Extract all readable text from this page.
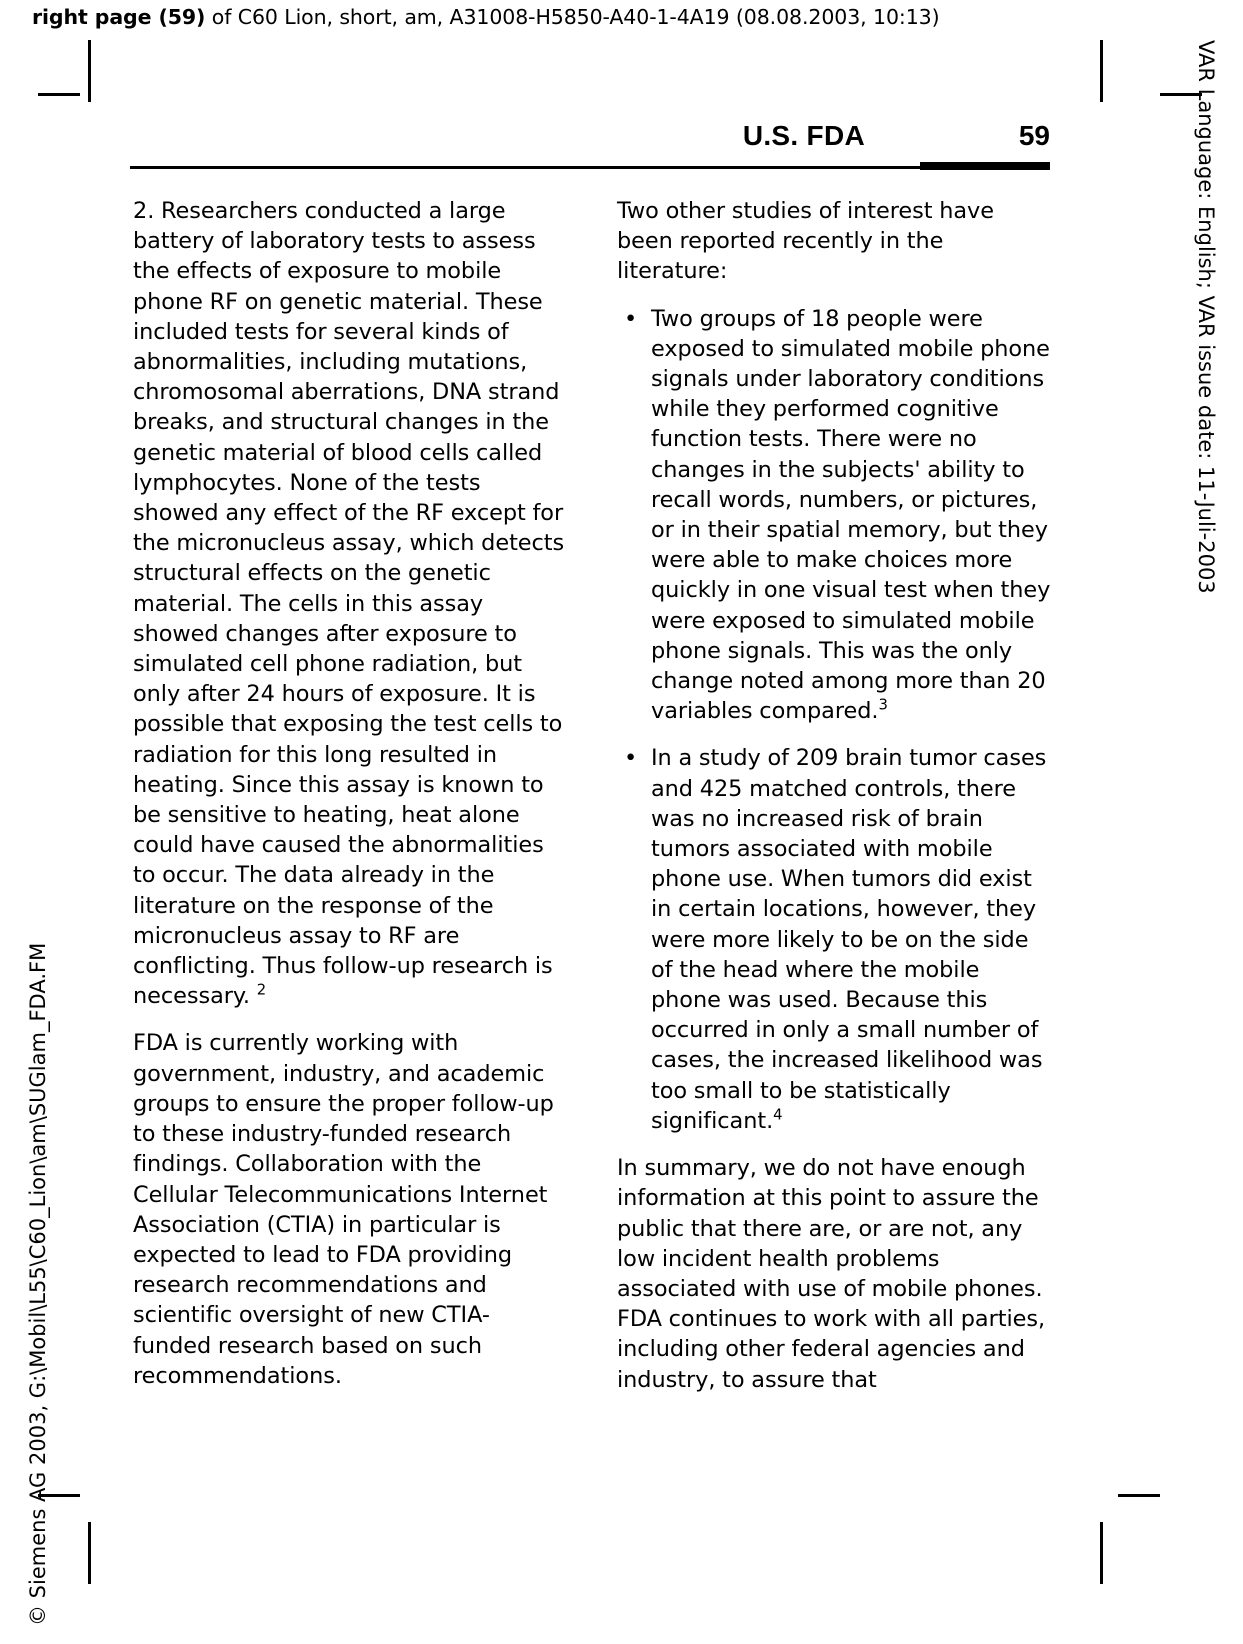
right page (59) of C60 Lion, short, am, A31008-H5850-A40-1-4A19 (08.08.2003, 10:13)
VAR Language: English; VAR issue date: 11-Juli-2003
© Siemens AG 2003, G:\Mobil\L55\C60_Lion\am\SUGlam_FDA.FM
U.S. FDA	59

2. Researchers conducted a large battery of laboratory tests to assess the effects of exposure to mobile phone RF on genetic material. These included tests for several kinds of abnormalities, including mutations, chromosomal aberrations, DNA strand breaks, and structural changes in the genetic material of blood cells called lymphocytes. None of the tests showed any effect of the RF except for the micronucleus assay, which detects structural effects on the genetic material. The cells in this assay showed changes after exposure to simulated cell phone radiation, but only after 24 hours of exposure. It is possible that exposing the test cells to radiation for this long resulted in heating. Since this assay is known to be sensitive to heating, heat alone could have caused the abnormalities to occur. The data already in the literature on the response of the micronucleus assay to RF are conflicting. Thus follow-up research is necessary. $^2$

FDA is currently working with government, industry, and academic groups to ensure the proper follow-up to these industry-funded research findings. Collaboration with the Cellular Telecommunications Internet Association (CTIA) in particular is expected to lead to FDA providing research recommendations and scientific oversight of new CTIA-funded research based on such recommendations.

Two other studies of interest have been reported recently in the literature:

• Two groups of 18 people were exposed to simulated mobile phone signals under laboratory conditions while they performed cognitive function tests. There were no changes in the subjects' ability to recall words, numbers, or pictures, or in their spatial memory, but they were able to make choices more quickly in one visual test when they were exposed to simulated mobile phone signals. This was the only change noted among more than 20 variables compared.$^3$
• In a study of 209 brain tumor cases and 425 matched controls, there was no increased risk of brain tumors associated with mobile phone use. When tumors did exist in certain locations, however, they were more likely to be on the side of the head where the mobile phone was used. Because this occurred in only a small number of cases, the increased likelihood was too small to be statistically significant.$^4$

In summary, we do not have enough information at this point to assure the public that there are, or are not, any low incident health problems associated with use of mobile phones. FDA continues to work with all parties, including other federal agencies and industry, to assure that
